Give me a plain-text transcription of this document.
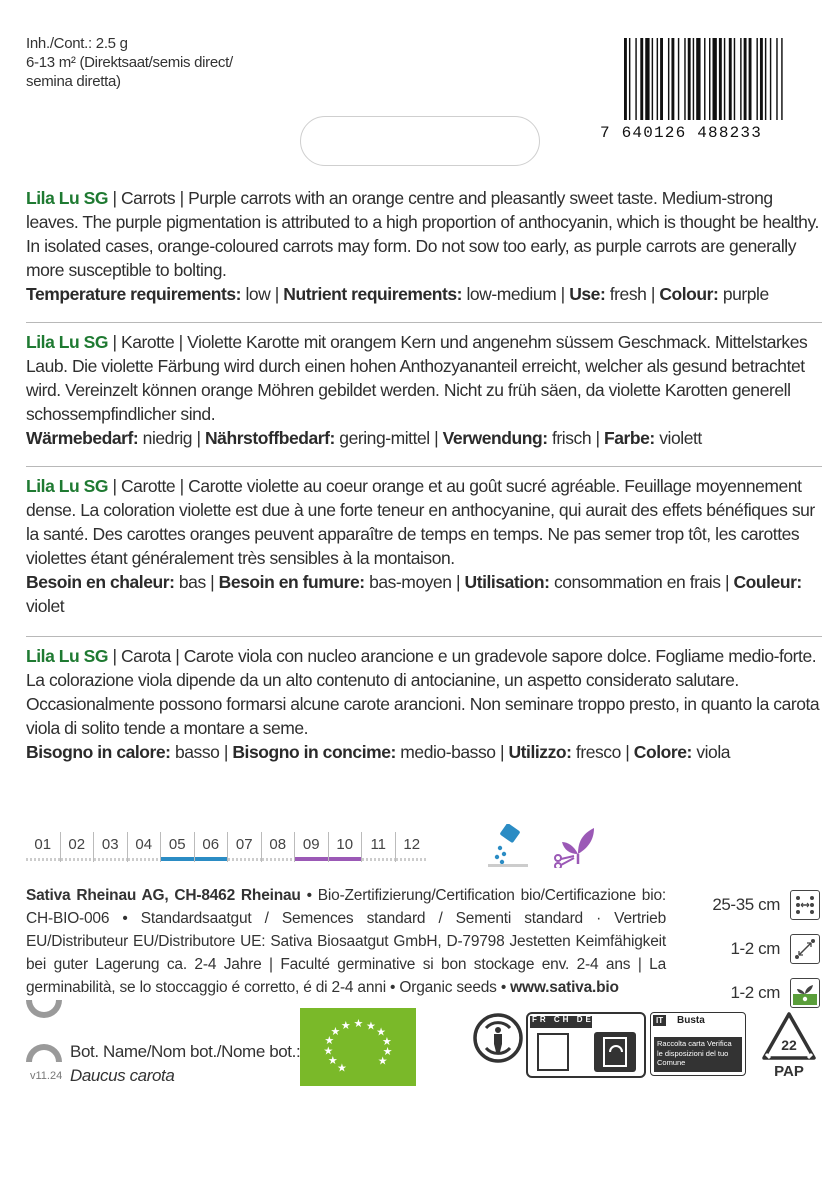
Inh./Cont.: 2.5 g
6-13 m² (Direktsaat/semis direct/
semina diretta)
7 640126 488233

Lila Lu SG | Carrots | Purple carrots with an orange centre and pleasantly sweet taste. Medium-strong leaves. The purple pigmentation is attributed to a high proportion of anthocyanin, which is thought be healthy. In isolated cases, orange-coloured carrots may form. Do not sow too early, as purple carrots are generally more susceptible to bolting.

Temperature requirements: low | Nutrient requirements: low-medium | Use: fresh | Colour: purple

Lila Lu SG | Karotte | Violette Karotte mit orangem Kern und angenehm süssem Geschmack. Mittelstarkes Laub. Die violette Färbung wird durch einen hohen Anthozyananteil erreicht, welcher als gesund betrachtet wird. Vereinzelt können orange Möhren gebildet werden. Nicht zu früh säen, da violette Karotten generell schossempfindlicher sind.

Wärmebedarf: niedrig | Nährstoffbedarf: gering-mittel | Verwendung: frisch | Farbe: violett

Lila Lu SG | Carotte | Carotte violette au coeur orange et au goût sucré agréable. Feuillage moyennement dense. La coloration violette est due à une forte teneur en anthocyanine, qui aurait des effets bénéfiques sur la santé. Des carottes oranges peuvent apparaître de temps en temps. Ne pas semer trop tôt, les carottes violettes étant généralement très sensibles à la montaison.

Besoin en chaleur: bas | Besoin en fumure: bas-moyen | Utilisation: consommation en frais | Couleur: violet

Lila Lu SG | Carota | Carote viola con nucleo arancione e un gradevole sapore dolce. Fogliame medio-forte. La colorazione viola dipende da un alto contenuto di antocianine, un aspetto considerato salutare. Occasionalmente possono formarsi alcune carote arancioni. Non seminare troppo presto, in quanto la carota viola di solito tende a montare a seme.

Bisogno in calore: basso | Bisogno in concime: medio-basso | Utilizzo: fresco | Colore: viola

01	02	03	04	05	06	07	08	09	10	11	12
Sativa Rheinau AG, CH-8462 Rheinau • Bio-Zertifizierung/Certification bio/Certificazione bio: CH-BIO-006 • Standardsaatgut / Semences standard / Sementi standard · Vertrieb EU/Distributeur EU/Distributore UE: Sativa Biosaatgut GmbH, D-79798 Jestetten Keimfähigkeit bei guter Lagerung ca. 2-4 Jahre | Faculté germinative si bon stockage env. 2-4 ans | La germinabilità, se lo stoccaggio é corretto, é di 2-4 anni • Organic seeds • www.sativa.bio
25-35 cm
1-2 cm
1-2 cm
v11.24
Bot. Name/Nom bot./Nome bot.:
Daucus carota	★
★
★
★
★
★ ★ ★
★
★
★
★
FR CH DE	IT	Busta
Raccolta carta Verifica le disposizioni del tuo Comune
22
PAP
